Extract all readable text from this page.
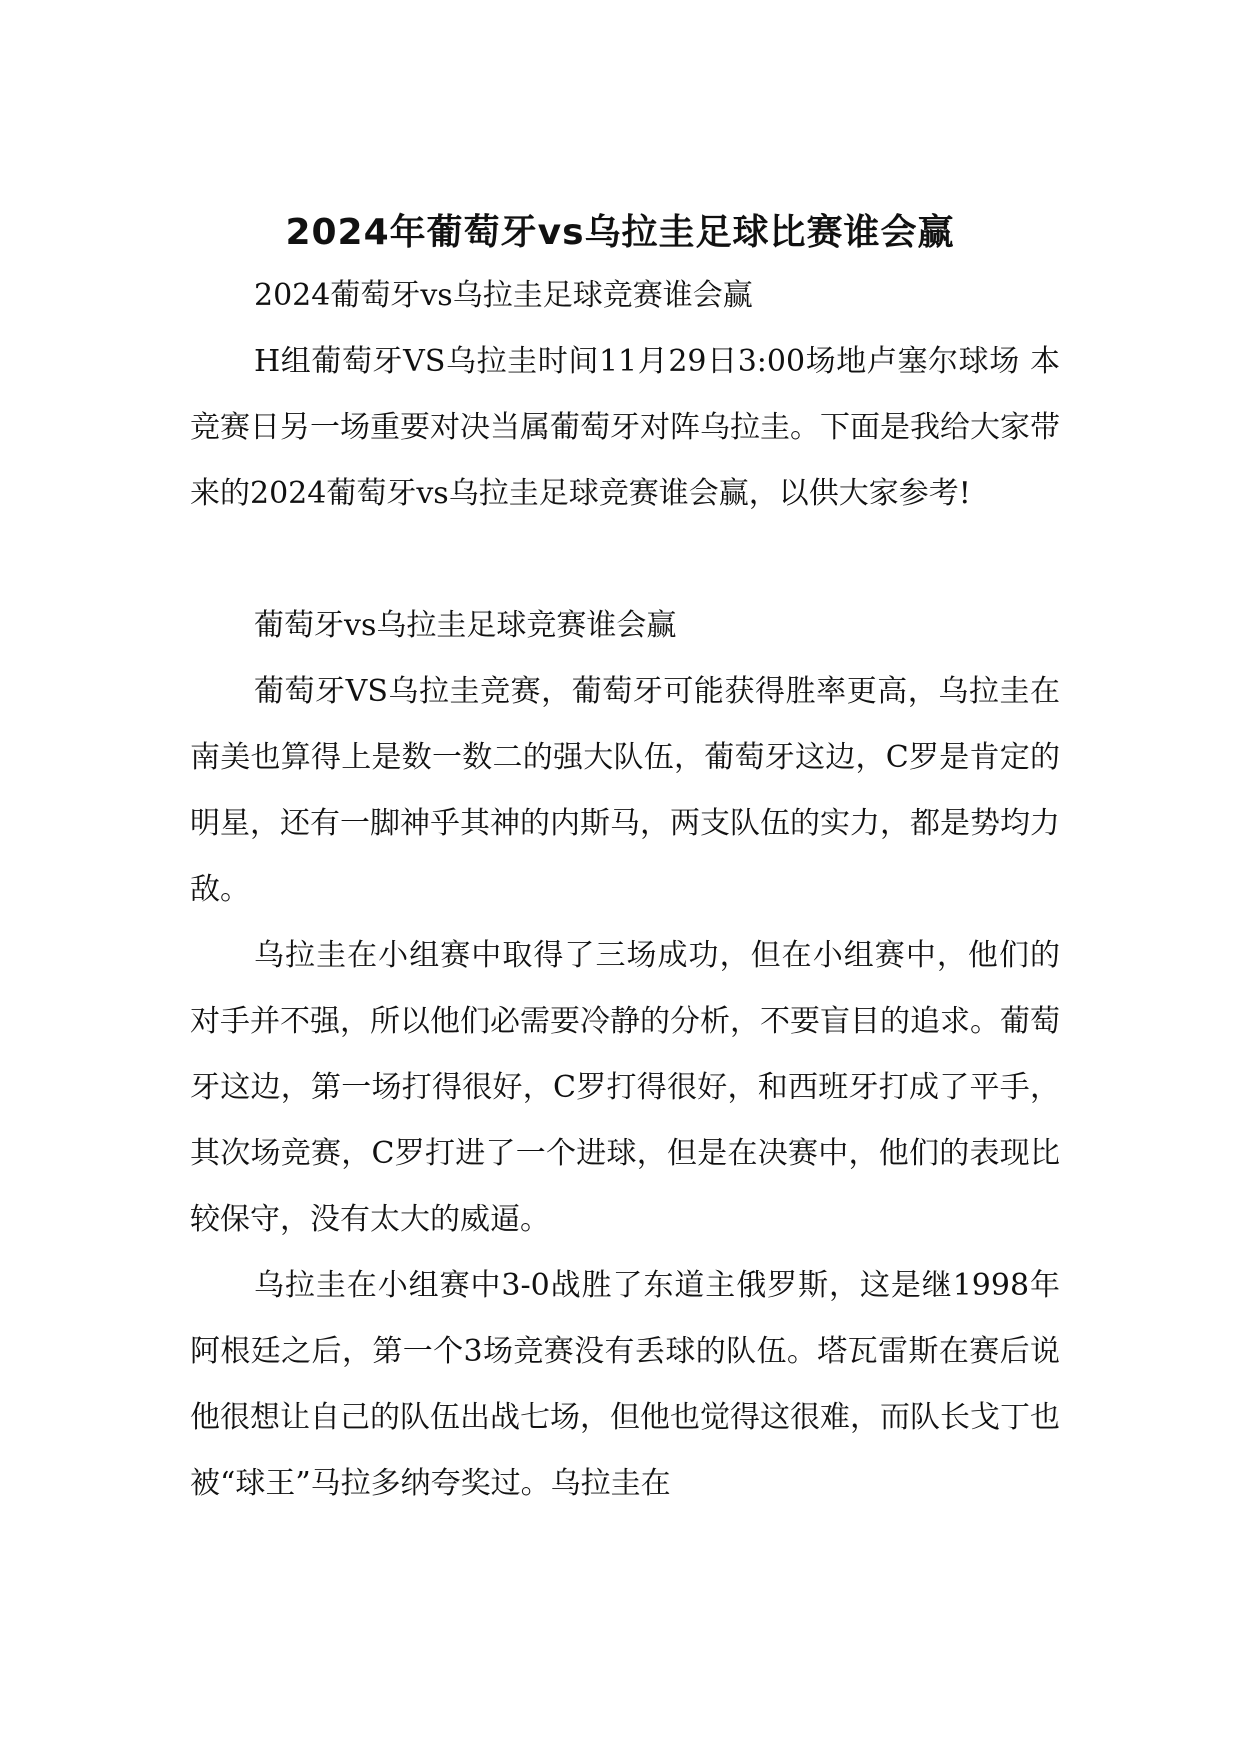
2024年葡萄牙vs乌拉圭足球比赛谁会赢

2024葡萄牙vs乌拉圭足球竞赛谁会赢

H组葡萄牙VS乌拉圭时间11月29日3:00场地卢塞尔球场 本竞赛日另一场重要对决当属葡萄牙对阵乌拉圭。下面是我给大家带来的2024葡萄牙vs乌拉圭足球竞赛谁会赢，以供大家参考!

葡萄牙vs乌拉圭足球竞赛谁会赢

葡萄牙VS乌拉圭竞赛，葡萄牙可能获得胜率更高，乌拉圭在南美也算得上是数一数二的强大队伍，葡萄牙这边，C罗是肯定的明星，还有一脚神乎其神的内斯马，两支队伍的实力，都是势均力敌。

乌拉圭在小组赛中取得了三场成功，但在小组赛中，他们的对手并不强，所以他们必需要冷静的分析，不要盲目的追求。葡萄牙这边，第一场打得很好，C罗打得很好，和西班牙打成了平手，其次场竞赛，C罗打进了一个进球，但是在决赛中，他们的表现比较保守，没有太大的威逼。

乌拉圭在小组赛中3-0战胜了东道主俄罗斯，这是继1998年阿根廷之后，第一个3场竞赛没有丢球的队伍。塔瓦雷斯在赛后说他很想让自己的队伍出战七场，但他也觉得这很难，而队长戈丁也被“球王”马拉多纳夸奖过。乌拉圭在
